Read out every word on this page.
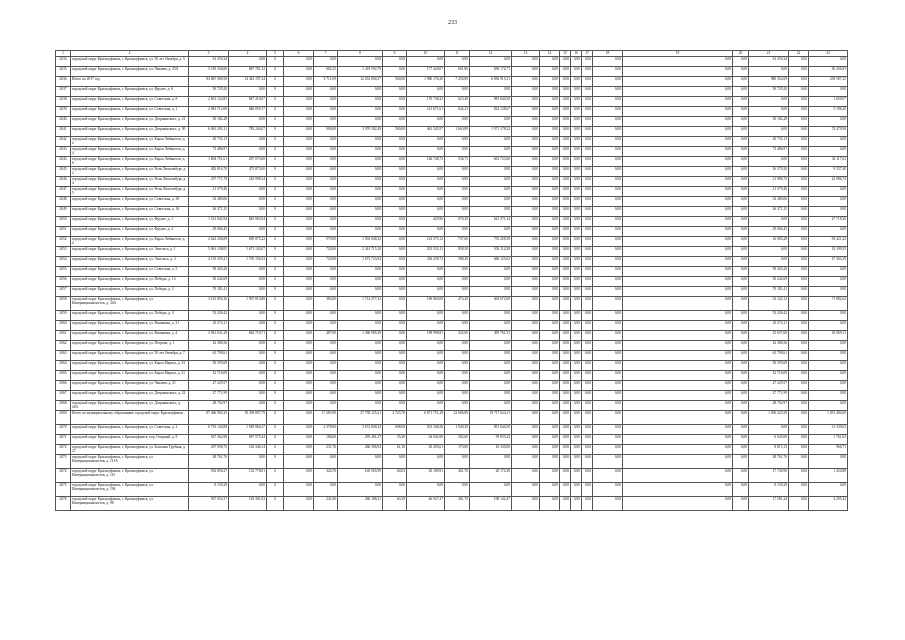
233
1	2	3	4	5	6	7	8	9	10	11	12	13	14	15	16	17	18	19	20	21	22	23
2034	городской округ Красноуфимск, г. Красноуфимск, ул. 50 лет Октября, д. 5	61 250,34	0,00	0	0,00	0,00	0,00	0,00	0,00	0,00	0,00	0,00	0,00	0,00	0,00	0,00	0,00	0,00	0,00	61 250,34	0,00	0,00
2035	городской округ Красноуфимск, г. Красноуфимск, ул. Чапаева, д. 25А	5 185 336,80	887 781,32	0	0,00	602,25	1 419 592,79	0,00	177 420,07	601,86	658 174,71	0,00	0,00	0,00	0,00	0,00	0,00	0,00	0,00	0,00	0,00	30 456,93
2036	Итого по 2017 год	83 867 908,58	14 343 197,24	0	0,00	3 711,09	12 233 094,57	560,00	1 980 176,30	7 250,89	6 830 915,31	0,00	0,00	0,00	0,00	0,00	0,00	0,00	0,00	980 352,09	0,00	239 587,25
2037	городской округ Красноуфимск, г. Красноуфимск, ул. Фрунзе, д. 6	50 729,20	0,00	0	0,00	0,00	0,00	0,00	0,00	0,00	0,00	0,00	0,00	0,00	0,00	0,00	0,00	0,00	0,00	50 729,20	0,00	0,00
2038	городской округ Красноуфимск, г. Красноуфимск, ул. Советская, д. 8	2 601 124,85	847 210,07	0	0,00	0,00	0,00	0,00	170 738,22	623,49	981 640,50	0,00	0,00	0,00	0,00	0,00	0,00	0,00	0,00	0,00	0,00	1 659,07
2039	городской округ Красноуфимск, г. Красноуфимск, ул. Советская, д. 1	2 081 712,00	846 059,17	0	0,00	0,00	0,00	0,00	141 671,61	642,23	822 128,67	0,00	0,00	0,00	0,00	0,00	0,00	0,00	0,00	0,00	0,00	5 196,20
2040	городской округ Красноуфимск, г. Красноуфимск, ул. Дзержинского, д. 21	30 182,28	0,00	0	0,00	0,00	0,00	0,00	0,00	0,00	0,00	0,00	0,00	0,00	0,00	0,00	0,00	0,00	0,00	30 182,28	0,00	0,00
2041	городской округ Красноуфимск, г. Красноуфимск, ул. Дзержинского, д. 50	6 061 291,31	785 244,07	0	0,00	990,00	3 970 502,49	560,00	461 545,97	1 663,89	1 971 178,22	0,00	0,00	0,00	0,00	0,00	0,00	0,00	0,00	0,00	0,00	74 479,50
2042	городской округ Красноуфимск, г. Красноуфимск, ул. Карла Либкнехта, д. 2	20 735,13	0,00	0	0,00	0,00	0,00	0,00	0,00	0,00	0,00	0,00	0,00	0,00	0,00	0,00	0,00	0,00	0,00	20 735,13	0,00	0,00
2043	городской округ Красноуфимск, г. Красноуфимск, ул. Карла Либкнехта, д. 4	73 486,97	0,00	0	0,00	0,00	0,00	0,00	0,00	0,00	0,00	0,00	0,00	0,00	0,00	0,00	0,00	0,00	0,00	73 486,97	0,00	0,00
2044	городской округ Красноуфимск, г. Красноуфимск, ул. Карла Либкнехта, д. 6	1 604 751,61	297 073,60	0	0,00	0,00	0,00	0,00	146 748,73	536,75	661 723,60	0,00	0,00	0,00	0,00	0,00	0,00	0,00	0,00	0,00	0,00	34 117,63
2045	городской округ Красноуфимск, г. Красноуфимск, ул. Розы Люксембург, д. 2	492 816,70	475 873,00	0	0,00	0,00	0,00	0,00	0,00	0,00	0,00	0,00	0,00	0,00	0,00	0,00	0,00	0,00	0,00	16 579,20	0,00	9 537,40
2046	городской округ Красноуфимск, г. Красноуфимск, ул. Розы Люксембург, д. 4	257 771,78	210 998,34	0	0,00	0,00	0,00	0,00	0,00	0,00	0,00	0,00	0,00	0,00	0,00	0,00	0,00	0,00	0,00	21 986,70	0,00	22 986,74
2047	городской округ Красноуфимск, г. Красноуфимск, ул. Розы Люксембург, д. 5	21 579,40	0,00	0	0,00	0,00	0,00	0,00	0,00	0,00	0,00	0,00	0,00	0,00	0,00	0,00	0,00	0,00	0,00	21 579,40	0,00	0,00
2048	городской округ Красноуфимск, г. Красноуфимск, ул. Советская, д. 38	52 280,06	0,00	0	0,00	0,00	0,00	0,00	0,00	0,00	0,00	0,00	0,00	0,00	0,00	0,00	0,00	0,00	0,00	52 280,06	0,00	0,00
2049	городской округ Красноуфимск, г. Красноуфимск, ул. Советская, д. 16	26 371,35	0,00	0	0,00	0,00	0,00	0,00	0,00	0,00	0,00	0,00	0,00	0,00	0,00	0,00	0,00	0,00	0,00	26 371,35	0,00	0,00
2050	городской округ Красноуфимск, г. Красноуфимск, ул. Фрунзе, д. 1	1 512 842,94	843 963,94	0	0,00	0,00	0,00	0,00	429,96	670,30	641 371,14	0,00	0,00	0,00	0,00	0,00	0,00	0,00	0,00	0,00	0,00	27 718,36
2051	городской округ Красноуфимск, г. Красноуфимск, ул. Фрунзе, д. 2	29 604,45	0,00	0	0,00	0,00	0,00	0,00	0,00	0,00	0,00	0,00	0,00	0,00	0,00	0,00	0,00	0,00	0,00	29 604,45	0,00	0,00
2052	городской округ Красноуфимск, г. Красноуфимск, ул. Карла Либкнехта, д. 2	2 622 206,89	839 875,22	0	0,00	570,00	1 594 048,32	0,00	123 575,12	737,60	755 258,58	0,00	0,00	0,00	0,00	0,00	0,00	0,00	0,00	16 083,28	0,00	39 421,42
2053	городской округ Красноуфимск, г. Красноуфимск, ул. Энгельса, д. 1	5 061 138,05	1 671 143,07	0	0,00	720,00	2 341 715,10	0,00	201 553,13	858,30	954 114,38	0,00	0,00	0,00	0,00	0,00	0,00	0,00	0,00	0,00	0,00	33 199,35
2054	городской округ Красноуфимск, г. Красноуфимск, ул. Энгельса, д. 3	4 155 259,41	1 705 156,92	0	0,00	720,00	1 673 723,94	0,00	236 239,72	588,36	666 125,02	0,00	0,00	0,00	0,00	0,00	0,00	0,00	0,00	0,00	0,00	47 363,29
2055	городской округ Красноуфимск, г. Красноуфимск, ул. Советская, д. 5	59 265,20	0,00	0	0,00	0,00	0,00	0,00	0,00	0,00	0,00	0,00	0,00	0,00	0,00	0,00	0,00	0,00	0,00	59 265,20	0,00	0,00
2056	городской округ Красноуфимск, г. Красноуфимск, ул. Победы, д. 14	30 242,69	0,00	0	0,00	0,00	0,00	0,00	0,00	0,00	0,00	0,00	0,00	0,00	0,00	0,00	0,00	0,00	0,00	30 242,69	0,00	0,00
2057	городской округ Красноуфимск, г. Красноуфимск, ул. Победы, д. 2	70 181,41	0,00	0	0,00	0,00	0,00	0,00	0,00	0,00	0,00	0,00	0,00	0,00	0,00	0,00	0,00	0,00	0,00	70 181,41	0,00	0,00
2058	городской округ Красноуфимск, г. Красноуфимск, ул. Интернационалистов, д. 34А	3 181 892,36	1 907 810,80	0	0,00	384,00	1 714 277,32	0,00	196 860,00	474,20	604 672,00	0,00	0,00	0,00	0,00	0,00	0,00	0,00	0,00	33 122,12	0,00	71 882,64
2059	городской округ Красноуфимск, г. Красноуфимск, ул. Победы, д. 4	55 226,42	0,00	0	0,00	0,00	0,00	0,00	0,00	0,00	0,00	0,00	0,00	0,00	0,00	0,00	0,00	0,00	0,00	55 226,42	0,00	0,00
2060	городской округ Красноуфимск, г. Красноуфимск, ул. Вишневая, д. 31	26 372,11	0,00	0	0,00	0,00	0,00	0,00	0,00	0,00	0,00	0,00	0,00	0,00	0,00	0,00	0,00	0,00	0,00	26 372,11	0,00	0,00
2061	городской округ Красноуфимск, г. Красноуфимск, ул. Вишневая, д. 4	3 941 631,29	682 718,71	0	0,00	487,00	1 368 985,39	0,00	198 998,81	432,00	495 761,53	0,00	0,00	0,00	0,00	0,00	0,00	0,00	0,00	25 657,60	0,00	45 969,11
2062	городской округ Красноуфимск, г. Красноуфимск, ул. Петрова, д. 1	42 386,56	0,00	0	0,00	0,00	0,00	0,00	0,00	0,00	0,00	0,00	0,00	0,00	0,00	0,00	0,00	0,00	0,00	42 386,56	0,00	0,00
2063	городской округ Красноуфимск, г. Красноуфимск, ул. 50 лет Октября, д. 7	61 798,61	0,00	0	0,00	0,00	0,00	0,00	0,00	0,00	0,00	0,00	0,00	0,00	0,00	0,00	0,00	0,00	0,00	61 798,61	0,00	0,00
2064	городской округ Красноуфимск, г. Красноуфимск, ул. Карла Маркса, д. 33	50 595,69	0,00	0	0,00	0,00	0,00	0,00	0,00	0,00	0,00	0,00	0,00	0,00	0,00	0,00	0,00	0,00	0,00	50 595,69	0,00	0,00
2065	городской округ Красноуфимск, г. Красноуфимск, ул. Карла Маркса, д. 21	42 716,09	0,00	0	0,00	0,00	0,00	0,00	0,00	0,00	0,00	0,00	0,00	0,00	0,00	0,00	0,00	0,00	0,00	42 716,09	0,00	0,00
2066	городской округ Красноуфимск, г. Красноуфимск, ул. Чапаева, д. 21	27 229,57	0,00	0	0,00	0,00	0,00	0,00	0,00	0,00	0,00	0,00	0,00	0,00	0,00	0,00	0,00	0,00	0,00	27 229,57	0,00	0,00
2067	городской округ Красноуфимск, г. Красноуфимск, ул. Дзержинского, д. 22	27 771,99	0,00	0	0,00	0,00	0,00	0,00	0,00	0,00	0,00	0,00	0,00	0,00	0,00	0,00	0,00	0,00	0,00	27 771,99	0,00	0,00
2068	городской округ Красноуфимск, г. Красноуфимск, ул. Дзержинского, д. 26А	28 702,97	0,00	0	0,00	0,00	0,00	0,00	0,00	0,00	0,00	0,00	0,00	0,00	0,00	0,00	0,00	0,00	0,00	28 702,97	0,00	0,00
2069	Итого по муниципальному образованию городской округ Красноуфимск	87 466 902,35	18 339 807,79	0	0,00	17 285,90	27 738 125,21	2 723,70	6 871 751,29	22 686,89	19 717 624,11	0,00	0,00	0,00	0,00	0,00	0,00	0,00	0,00	1 056 223,59	0,00	1 051 484,00
2070	городской округ Красноуфимск, г. Красноуфимск, ул. Советская, д. 2	6 735 144,88	1 949 860,27	0	0,00	2 378,00	3 672 828,34	608,00	501 346,56	1 940,30	851 644,50	0,00	0,00	0,00	0,00	0,00	0,00	0,00	0,00	0,00	0,00	31 339,03
2071	городской округ Красноуфимск, г. Красноуфимск, пер. Озерный, д. 9	927 262,98	697 575,24	0	0,00	186,00	295 281,27	55,20	64 041,80	282,60	59 833,34	0,00	0,00	0,00	0,00	0,00	0,00	0,00	0,00	6 945,00	0,00	1 761,63
2072	городской округ Красноуфимск, г. Красноуфимск, ул. Большая Трубная, д. 27	207 958,75	162 346,14	0	0,00	231,76	266 396,94	61,10	20 295,61	173,00	16 330,06	0,00	0,00	0,00	0,00	0,00	0,00	0,00	0,00	8 815,13	0,00	966,71
2073	городской округ Красноуфимск, г. Красноуфимск, ул. Интернационалистов, д. 113А	28 761,76	0,00	0	0,00	0,00	0,00	0,00	0,00	0,00	0,00	0,00	0,00	0,00	0,00	0,00	0,00	0,00	0,00	28 761,76	0,00	0,00
2074	городской округ Красноуфимск, г. Красноуфимск, ул. Интернационалистов, д. 115	592 858,27	132 778,01	0	0,00	324,70	165 565,99	60,03	20 189,91	461,70	20 174,38	0,00	0,00	0,00	0,00	0,00	0,00	0,00	0,00	17 740,90	0,00	1 454,88
2075	городской округ Красноуфимск, г. Красноуфимск, ул. Интернационалистов, д. 194	8 139,29	0,00	0	0,00	0,00	0,00	0,00	0,00	0,00	0,00	0,00	0,00	0,00	0,00	0,00	0,00	0,00	0,00	8 139,29	0,00	0,00
2076	городской округ Красноуфимск, г. Красноуфимск, ул. Интернационалистов, д. 98	937 052,57	145 301,03	0	0,00	241,80	260 188,31	63,50	46 927,47	361,70	198 142,47	0,00	0,00	0,00	0,00	0,00	0,00	0,00	0,00	17 581,24	0,00	4 295,42
